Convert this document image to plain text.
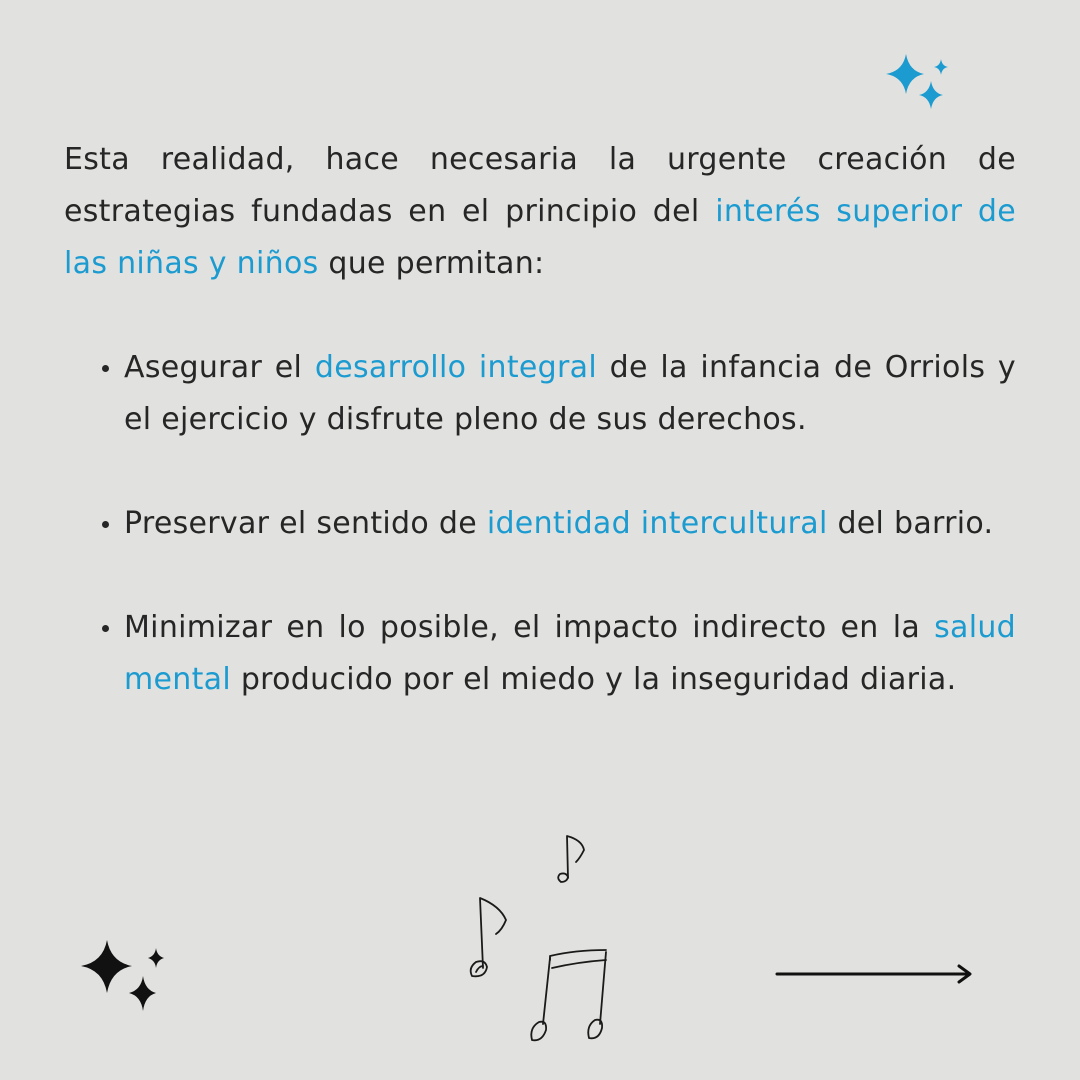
Esta realidad, hace necesaria la urgente creación de estrategias fundadas en el principio del interés superior de las niñas y niños que permitan:

Asegurar el desarrollo integral de la infancia de Orriols y el ejercicio y disfrute pleno de sus derechos.
Preservar el sentido de identidad intercultural del barrio.
Minimizar en lo posible, el impacto indirecto en la salud mental producido por el miedo y la inseguridad diaria.
